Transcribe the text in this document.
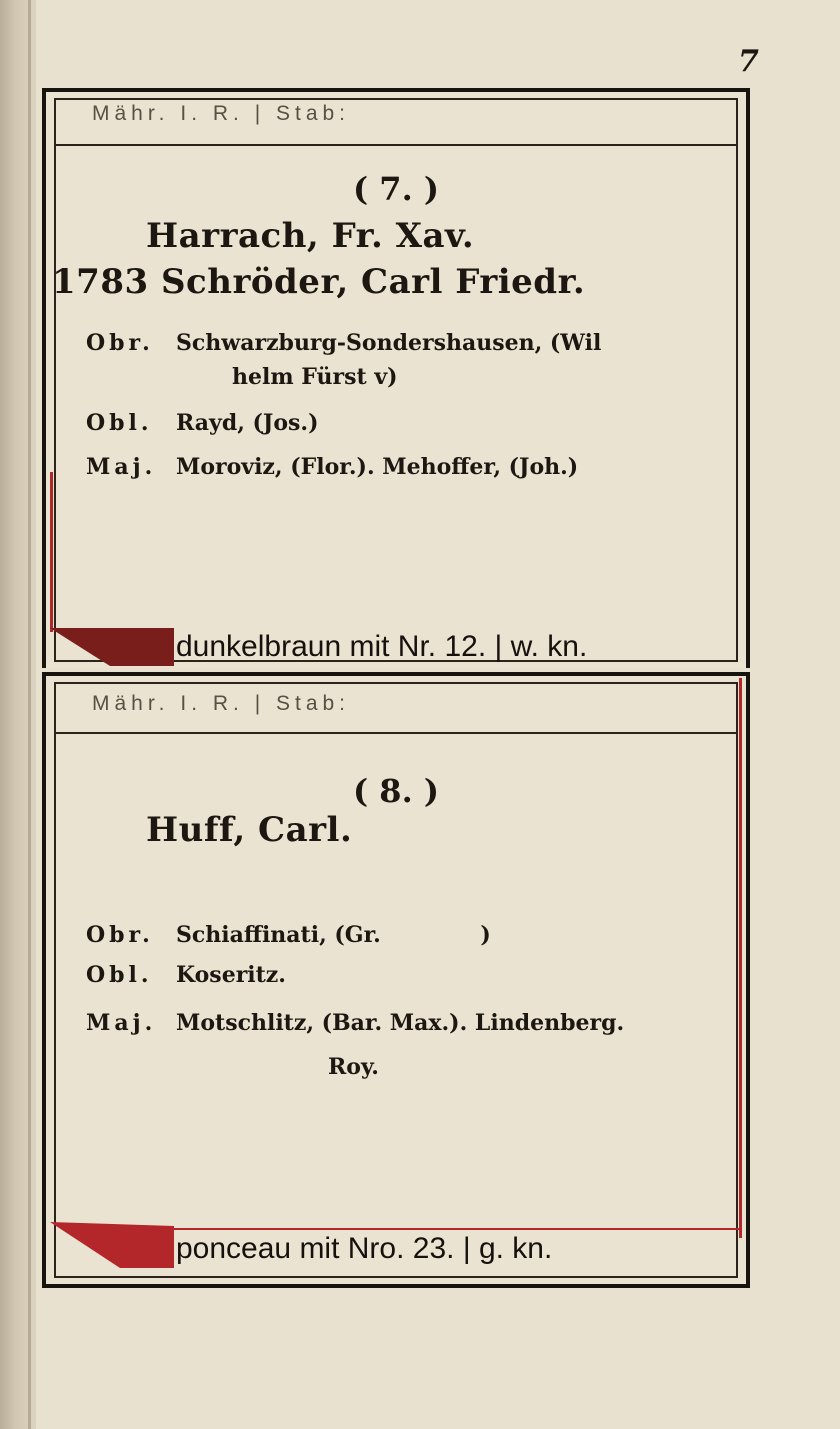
7
Mähr. I. R. | Stab:
( 7. )
Harrach, Fr. Xav.
1783 Schröder, Carl Friedr.
Obr. Schwarzburg-Sondershausen, (Wil
helm Fürst v)
Obl. Rayd, (Jos.)
Maj. Moroviz, (Flor.). Mehoffer, (Joh.)
dunkelbraun mit Nr. 12. | w. kn.
Mähr. I. R. | Stab:
( 8. )
Huff, Carl.
Obr. Schiaffinati, (Gr.             )
Obl. Koseritz.
Maj. Motschlitz, (Bar. Max.). Lindenberg.
Roy.
ponceau mit Nro. 23. | g. kn.
